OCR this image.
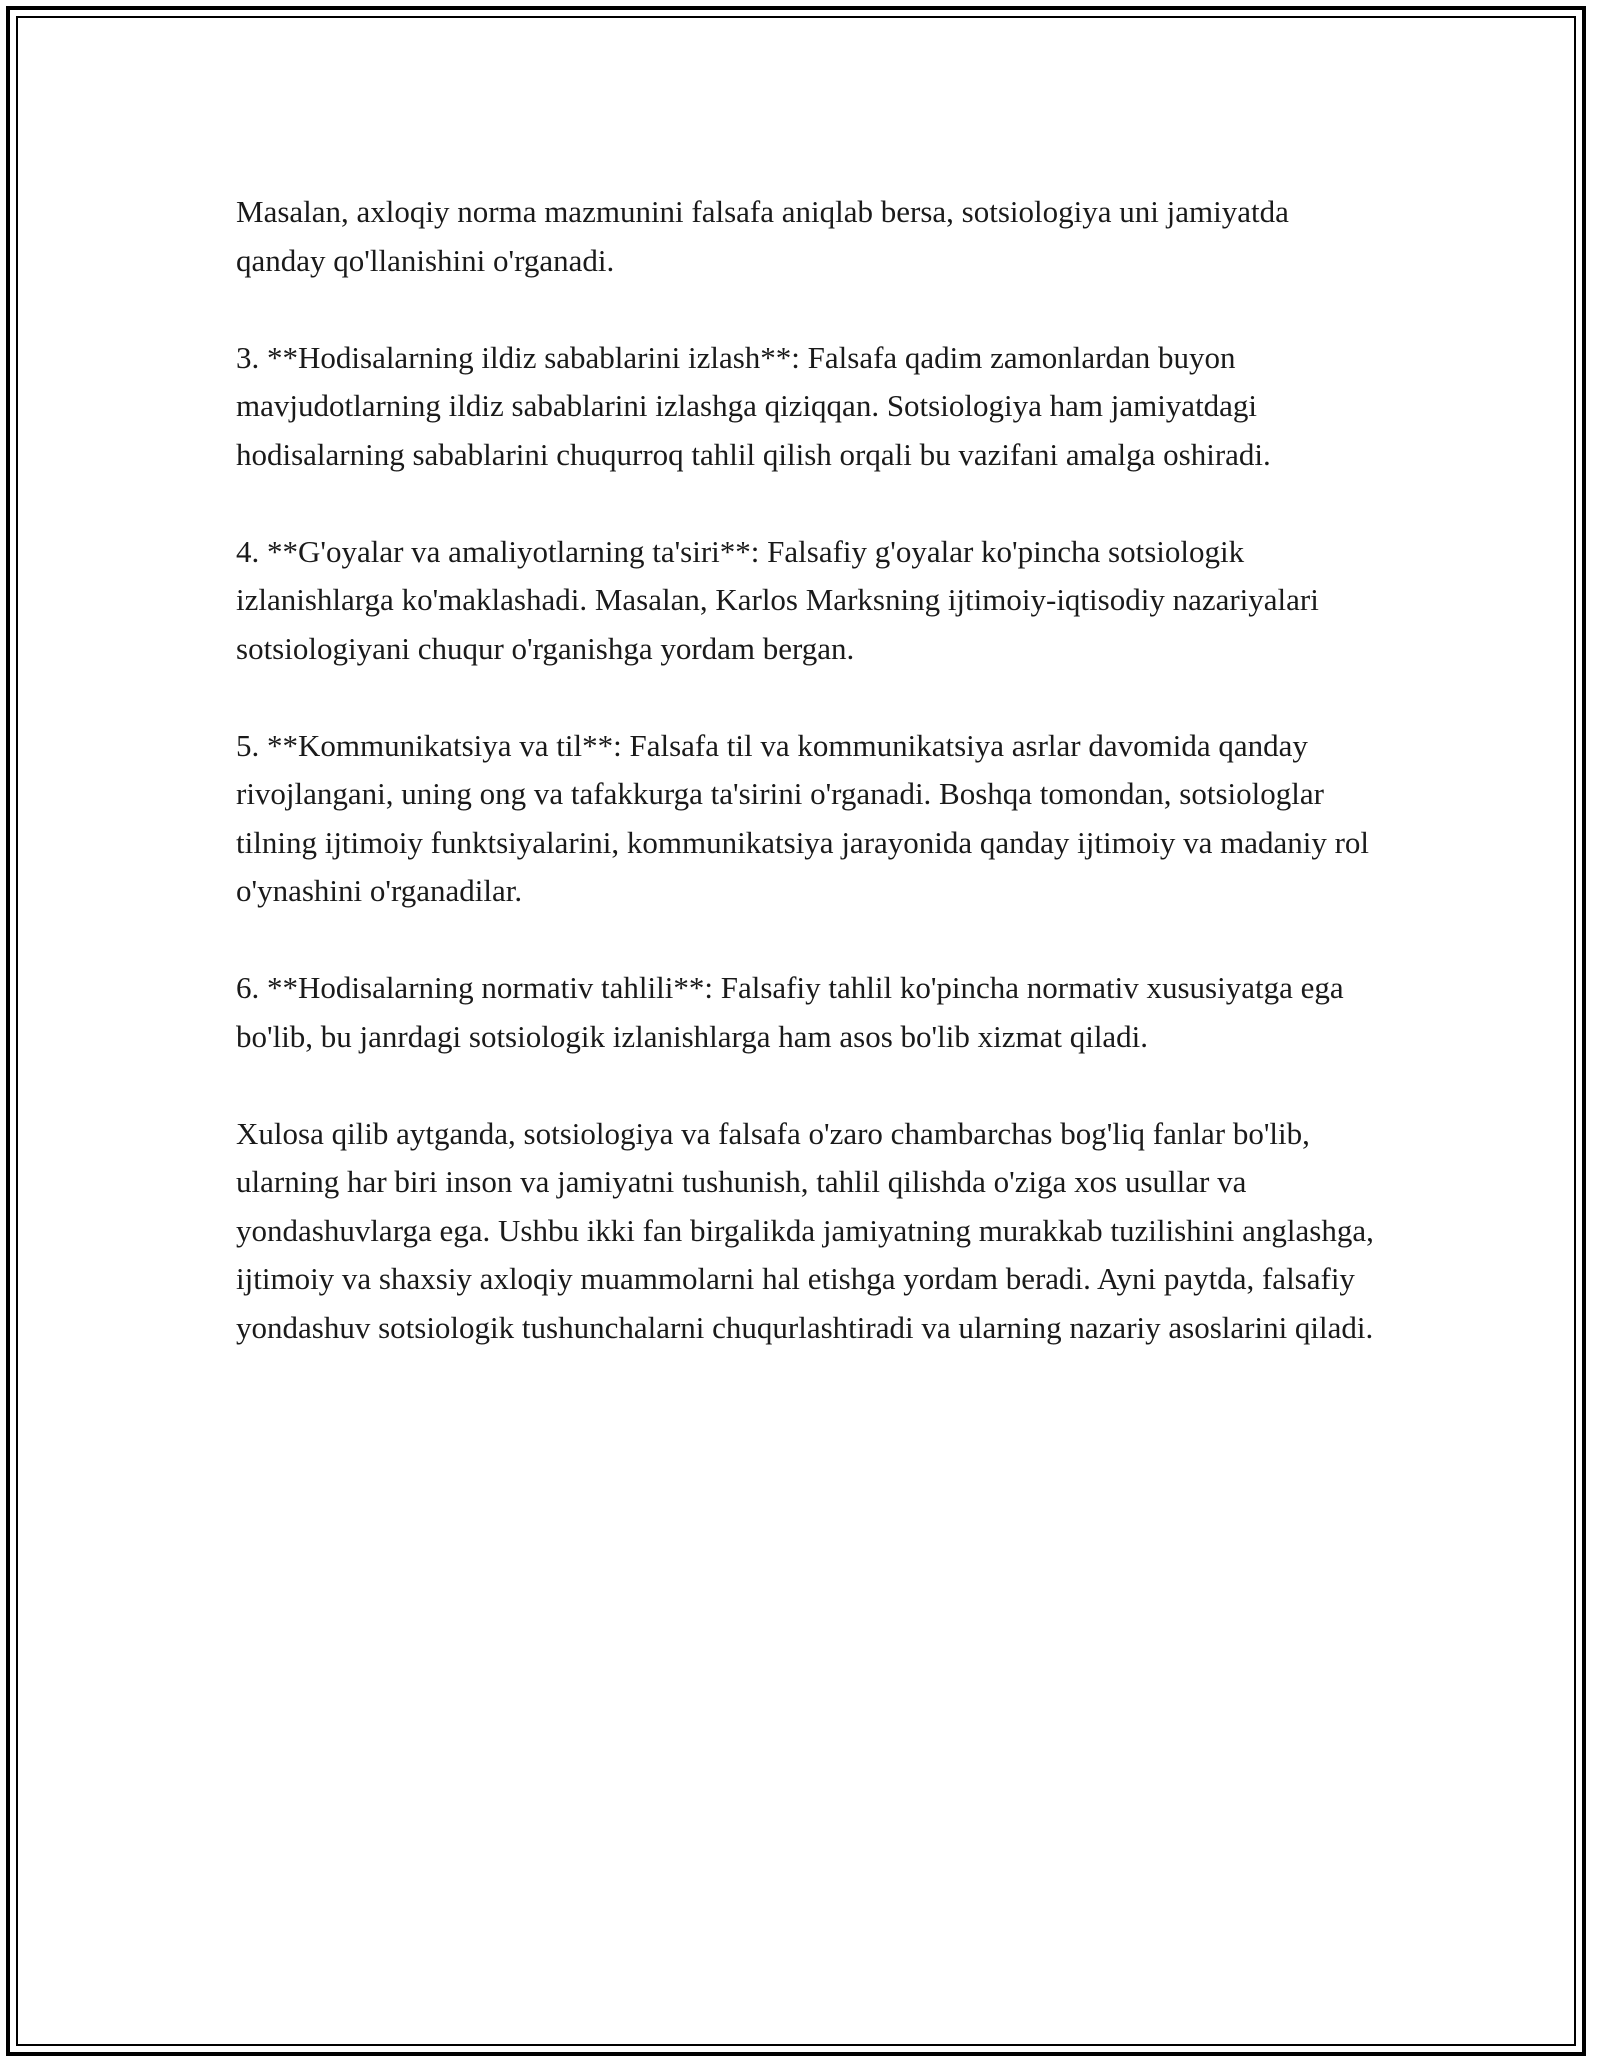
Masalan, axloqiy norma mazmunini falsafa aniqlab bersa, sotsiologiya uni jamiyatda qanday qo'llanishini o'rganadi.

3. **Hodisalarning ildiz sabablarini izlash**: Falsafa qadim zamonlardan buyon mavjudotlarning ildiz sabablarini izlashga qiziqqan. Sotsiologiya ham jamiyatdagi hodisalarning sabablarini chuqurroq tahlil qilish orqali bu vazifani amalga oshiradi.

4. **G'oyalar va amaliyotlarning ta'siri**: Falsafiy g'oyalar ko'pincha sotsiologik izlanishlarga ko'maklashadi. Masalan, Karlos Marksning ijtimoiy-iqtisodiy nazariyalari sotsiologiyani chuqur o'rganishga yordam bergan.

5. **Kommunikatsiya va til**: Falsafa til va kommunikatsiya asrlar davomida qanday rivojlangani, uning ong va tafakkurga ta'sirini o'rganadi. Boshqa tomondan, sotsiologlar tilning ijtimoiy funktsiyalarini, kommunikatsiya jarayonida qanday ijtimoiy va madaniy rol o'ynashini o'rganadilar.

6. **Hodisalarning normativ tahlili**: Falsafiy tahlil ko'pincha normativ xususiyatga ega bo'lib, bu janrdagi sotsiologik izlanishlarga ham asos bo'lib xizmat qiladi.

Xulosa qilib aytganda, sotsiologiya va falsafa o'zaro chambarchas bog'liq fanlar bo'lib, ularning har biri inson va jamiyatni tushunish, tahlil qilishda o'ziga xos usullar va yondashuvlarga ega. Ushbu ikki fan birgalikda jamiyatning murakkab tuzilishini anglashga, ijtimoiy va shaxsiy axloqiy muammolarni hal etishga yordam beradi. Ayni paytda, falsafiy yondashuv sotsiologik tushunchalarni chuqurlashtiradi va ularning nazariy asoslarini qiladi.
